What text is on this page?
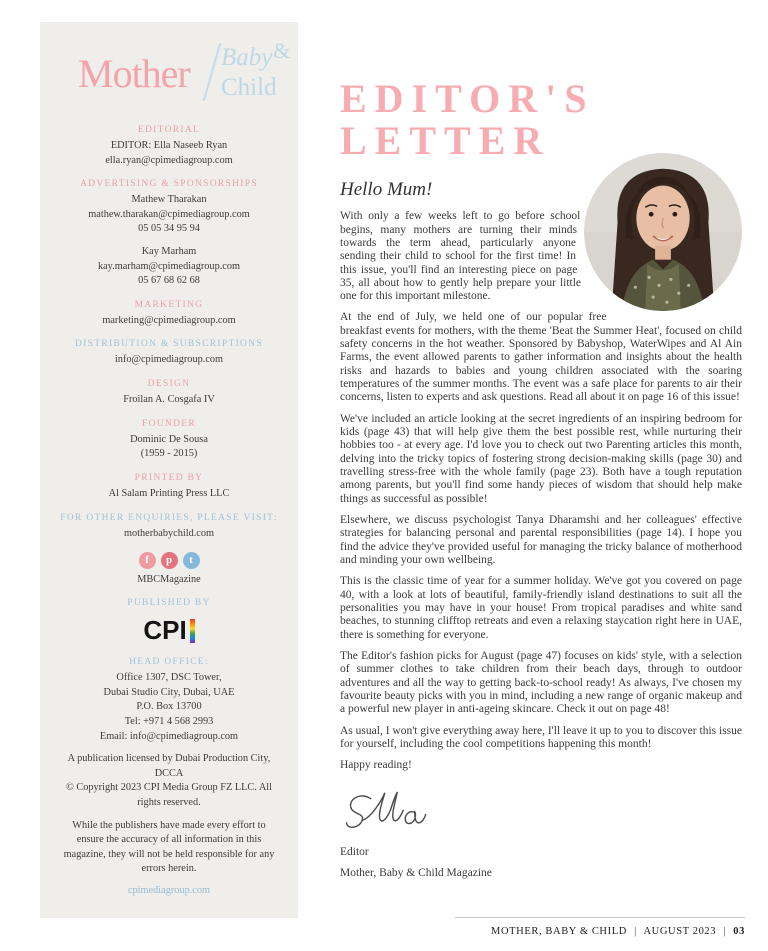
Mother Baby &
Child
EDITORIAL
EDITOR: Ella Naseeb Ryan
ella.ryan@cpimediagroup.com
ADVERTISING & SPONSORSHIPS
Mathew Tharakan
mathew.tharakan@cpimediagroup.com
05 05 34 95 94
Kay Marham
kay.marham@cpimediagroup.com
05 67 68 62 68
MARKETING
marketing@cpimediagroup.com
DISTRIBUTION & SUBSCRIPTIONS
info@cpimediagroup.com
DESIGN
Froilan A. Cosgafa IV
FOUNDER
Dominic De Sousa
(1959 - 2015)
PRINTED BY
Al Salam Printing Press LLC
FOR OTHER ENQUIRIES, PLEASE VISIT:
motherbabychild.com
f	p	t
MBCMagazine
PUBLISHED BY
CPI
HEAD OFFICE:
Office 1307, DSC Tower,
Dubai Studio City, Dubai, UAE
P.O. Box 13700
Tel: +971 4 568 2993
Email: info@cpimediagroup.com
A publication licensed by Dubai Production City, DCCA
© Copyright 2023 CPI Media Group FZ LLC. All rights reserved.
While the publishers have made every effort to ensure the accuracy of all information in this magazine, they will not be held responsible for any errors herein.
cpimediagroup.com
EDITOR'S
LETTER
Hello Mum!

With only a few weeks left to go before school begins, many mothers are turning their minds towards the term ahead, particularly anyone sending their child to school for the first time! In this issue, you'll find an interesting piece on page 35, all about how to gently help prepare your little one for this important milestone.

At the end of July, we held one of our popular free breakfast events for mothers, with the theme 'Beat the Summer Heat', focused on child safety concerns in the hot weather. Sponsored by Babyshop, WaterWipes and Al Ain Farms, the event allowed parents to gather information and insights about the health risks and hazards to babies and young children associated with the soaring temperatures of the summer months. The event was a safe place for parents to air their concerns, listen to experts and ask questions. Read all about it on page 16 of this issue!

We've included an article looking at the secret ingredients of an inspiring bedroom for kids (page 43) that will help give them the best possible rest, while nurturing their hobbies too - at every age. I'd love you to check out two Parenting articles this month, delving into the tricky topics of fostering strong decision-making skills (page 30) and travelling stress-free with the whole family (page 23). Both have a tough reputation among parents, but you'll find some handy pieces of wisdom that should help make things as successful as possible!

Elsewhere, we discuss psychologist Tanya Dharamshi and her colleagues' effective strategies for balancing personal and parental responsibilities (page 14). I hope you find the advice they've provided useful for managing the tricky balance of motherhood and minding your own wellbeing.

This is the classic time of year for a summer holiday. We've got you covered on page 40, with a look at lots of beautiful, family-friendly island destinations to suit all the personalities you may have in your house! From tropical paradises and white sand beaches, to stunning clifftop retreats and even a relaxing staycation right here in UAE, there is something for everyone.

The Editor's fashion picks for August (page 47) focuses on kids' style, with a selection of summer clothes to take children from their beach days, through to outdoor adventures and all the way to getting back-to-school ready! As always, I've chosen my favourite beauty picks with you in mind, including a new range of organic makeup and a powerful new player in anti-ageing skincare. Check it out on page 48!

As usual, I won't give everything away here, I'll leave it up to you to discover this issue for yourself, including the cool competitions happening this month!

Happy reading!

Editor
Mother, Baby & Child Magazine
MOTHER, BABY & CHILD | AUGUST 2023 | 03
